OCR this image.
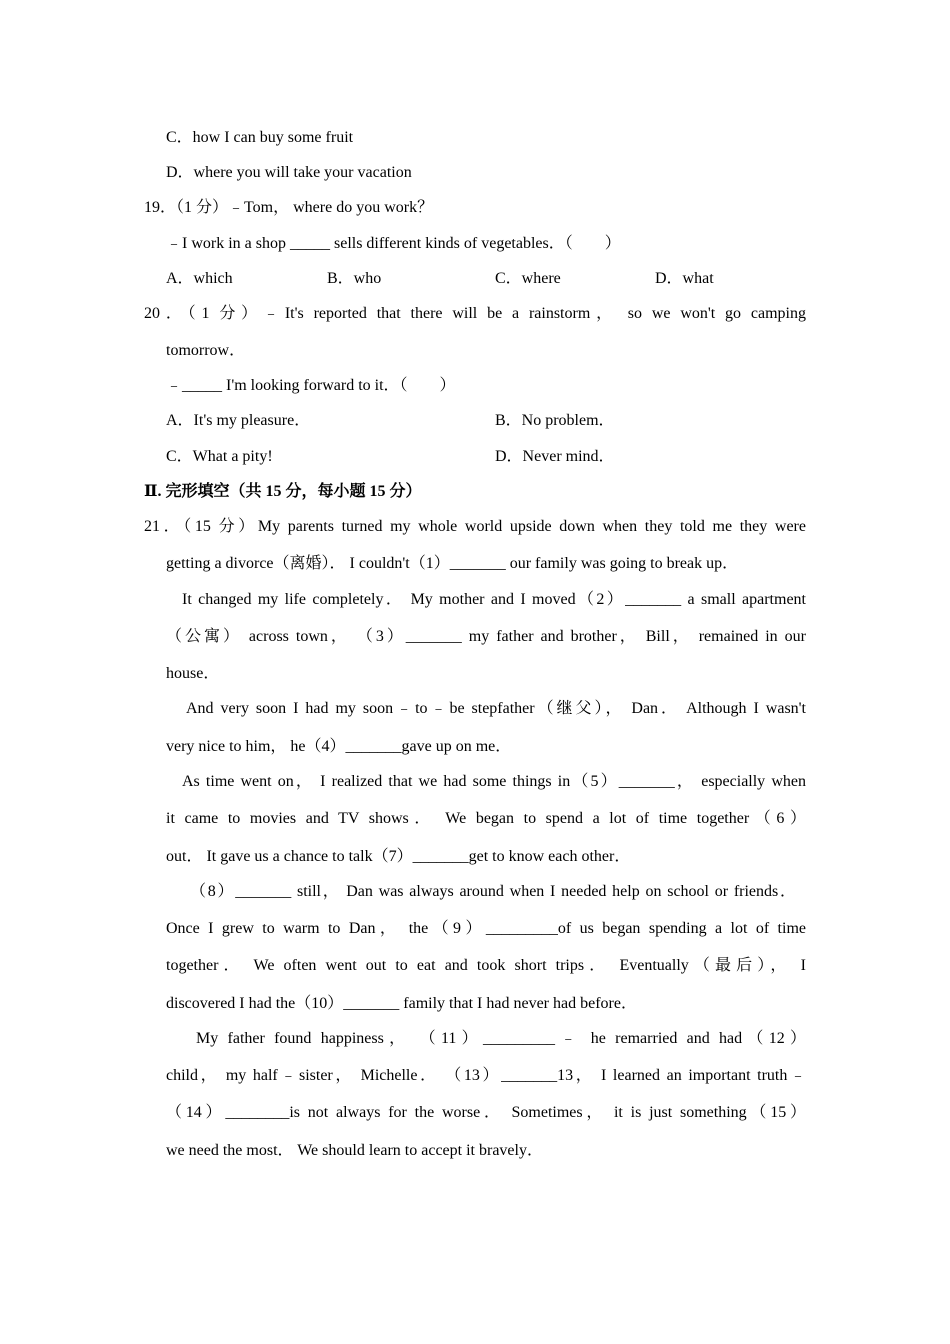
C．how I can buy some fruit
D．where you will take your vacation
19．（1 分）﹣Tom， where do you work？
﹣I work in a shop _____ sells different kinds of vegetables．（　　）
A．which	B．who	C．where	D．what
20．（1 分）﹣It's reported that there will be a rainstorm， so we won't go camping
tomorrow．
﹣_____ I'm looking forward to it．（　　）
A．It's my pleasure．	B．No problem．
C．What a pity!	D．Never mind．
Ⅱ. 完形填空（共 15 分，每小题 15 分）
21．（15 分）My parents turned my whole world upside down when they told me they were
getting a divorce（离婚）． I couldn't（1）_______ our family was going to break up．
It changed my life completely． My mother and I moved（2）_______ a small apartment
（公寓） across town， （3）_______ my father and brother， Bill， remained in our
house．
And very soon I had my soon﹣to﹣be stepfather（继父）， Dan． Although I wasn't
very nice to him， he（4）_______gave up on me．
As time went on， I realized that we had some things in（5）_______， especially when
it came to movies and TV shows． We began to spend a lot of time together（6）
out． It gave us a chance to talk（7）_______get to know each other．
（8）_______ still， Dan was always around when I needed help on school or friends．
Once I grew to warm to Dan， the（9）_________of us began spending a lot of time
together． We often went out to eat and took short trips． Eventually（最后）， I
discovered I had the（10）_______ family that I had never had before．
My father found happiness， （11）_________﹣ he remarried and had（12）
child， my half﹣sister， Michelle． （13）_______13， I learned an important truth﹣
（14）________is not always for the worse． Sometimes， it is just something（15）
we need the most． We should learn to accept it bravely．
